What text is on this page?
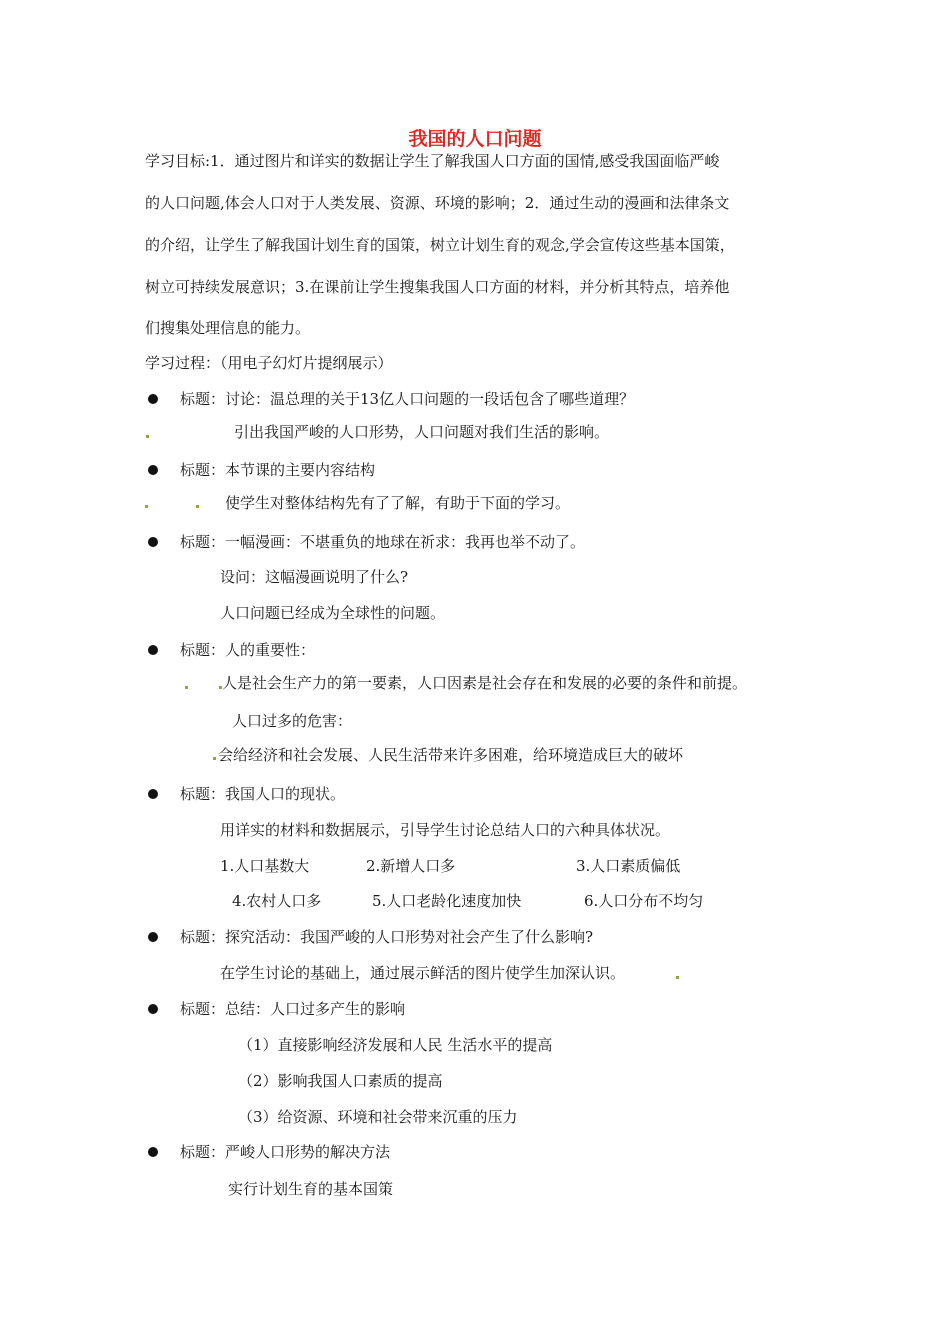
我国的人口问题
学习目标:1．通过图片和详实的数据让学生了解我国人口方面的国情,感受我国面临严峻
的人口问题,体会人口对于人类发展、资源、环境的影响；2．通过生动的漫画和法律条文
的介绍，让学生了解我国计划生育的国策，树立计划生育的观念,学会宣传这些基本国策，
树立可持续发展意识；3.在课前让学生搜集我国人口方面的材料，并分析其特点，培养他
们搜集处理信息的能力。
学习过程：（用电子幻灯片提纲展示）
标题：讨论：温总理的关于13亿人口问题的一段话包含了哪些道理？
引出我国严峻的人口形势，人口问题对我们生活的影响。
标题：本节课的主要内容结构
使学生对整体结构先有了了解，有助于下面的学习。
标题：一幅漫画：不堪重负的地球在祈求：我再也举不动了。
设问：这幅漫画说明了什么?
人口问题已经成为全球性的问题。
标题：人的重要性：
人是社会生产力的第一要素，人口因素是社会存在和发展的必要的条件和前提。
人口过多的危害：
会给经济和社会发展、人民生活带来许多困难，给环境造成巨大的破坏
标题：我国人口的现状。
用详实的材料和数据展示，引导学生讨论总结人口的六种具体状况。
1.人口基数大	2.新增人口多	3.人口素质偏低
4.农村人口多	5.人口老龄化速度加快	6.人口分布不均匀
标题：探究活动：我国严峻的人口形势对社会产生了什么影响?
在学生讨论的基础上，通过展示鲜活的图片使学生加深认识。
标题：总结：人口过多产生的影响
（1）直接影响经济发展和人民 生活水平的提高
（2）影响我国人口素质的提高
（3）给资源、环境和社会带来沉重的压力
标题：严峻人口形势的解决方法
实行计划生育的基本国策
